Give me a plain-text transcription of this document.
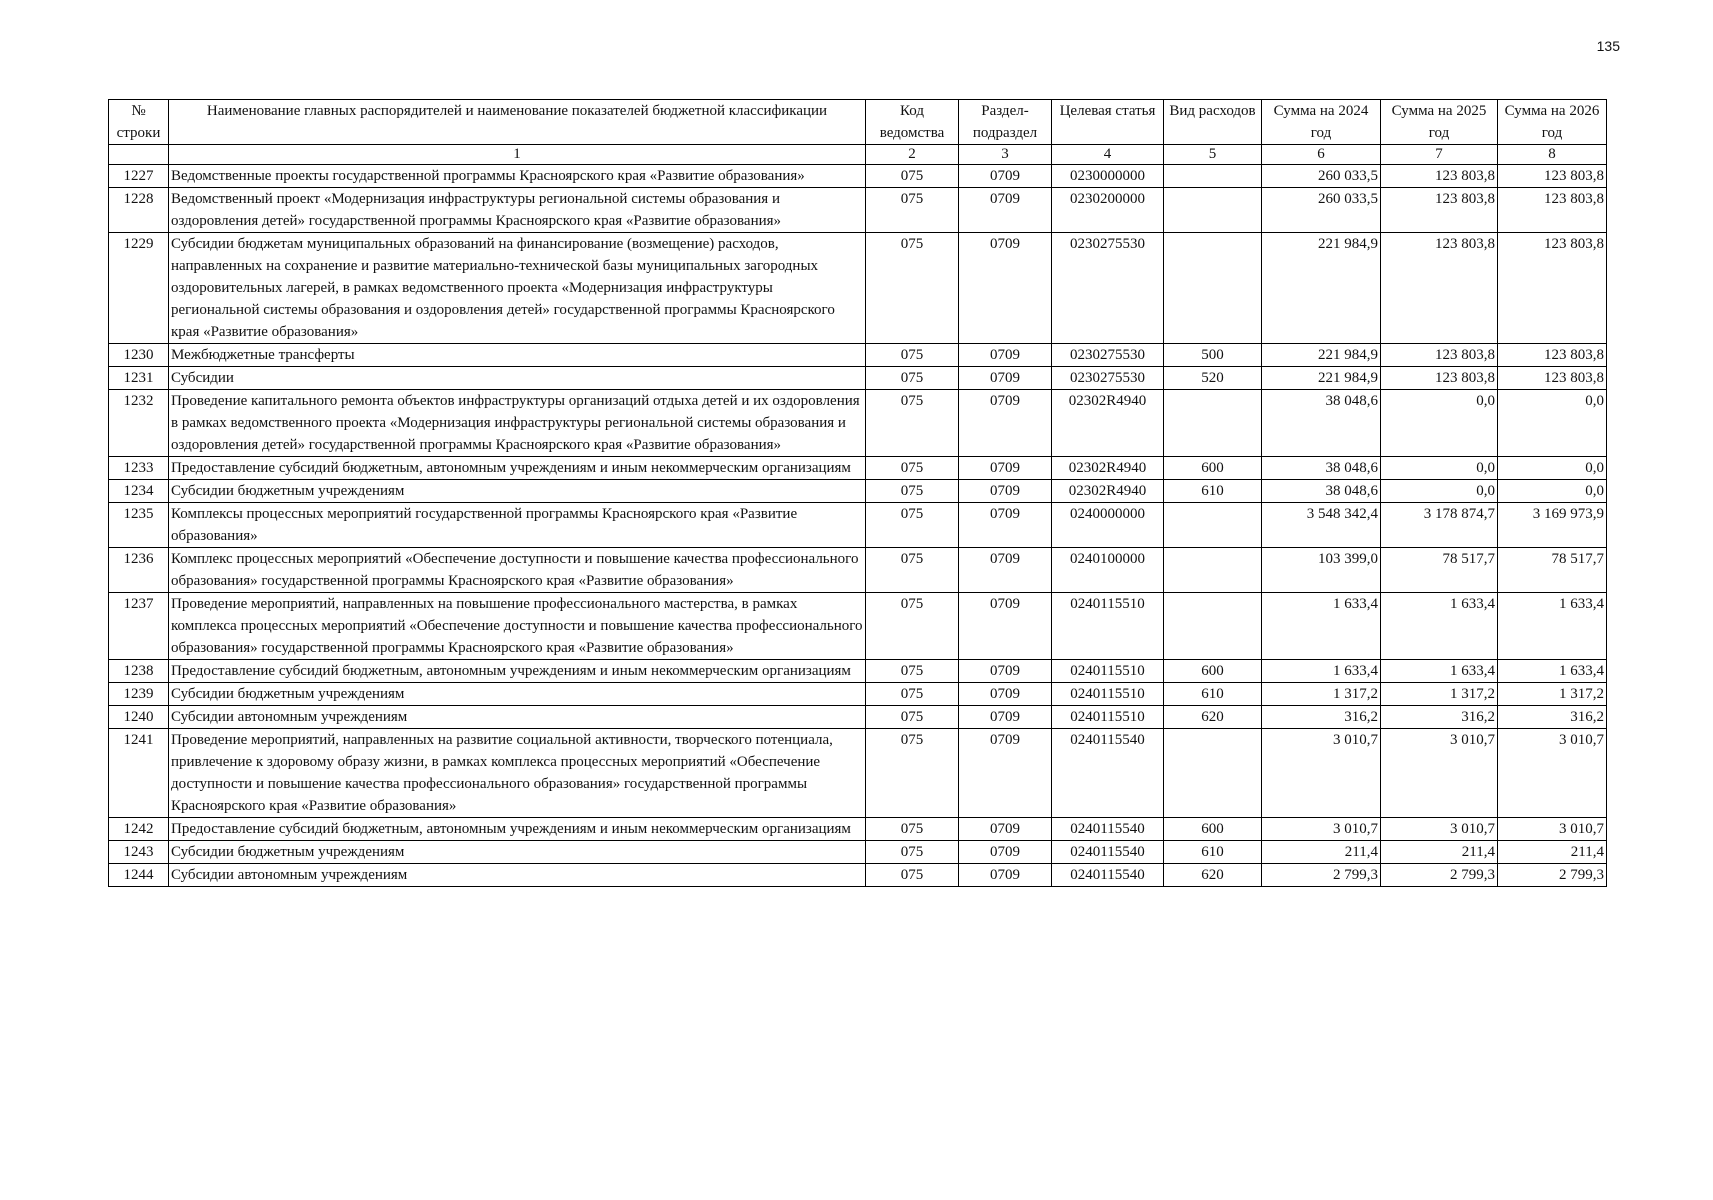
135
№ строки	Наименование главных распорядителей и наименование показателей бюджетной классификации	Код ведомства	Раздел-подраздел	Целевая статья	Вид расходов	Сумма на 2024 год	Сумма на 2025 год	Сумма на 2026 год
	1	2	3	4	5	6	7	8
1227	Ведомственные проекты государственной программы Красноярского края «Развитие образования»	075	0709	0230000000		260 033,5	123 803,8	123 803,8
1228	Ведомственный проект «Модернизация инфраструктуры региональной системы образования и оздоровления детей» государственной программы Красноярского края «Развитие образования»	075	0709	0230200000		260 033,5	123 803,8	123 803,8
1229	Субсидии бюджетам муниципальных образований на финансирование (возмещение) расходов, направленных на сохранение и развитие материально-технической базы муниципальных загородных оздоровительных лагерей, в рамках ведомственного проекта «Модернизация инфраструктуры региональной системы образования и оздоровления детей» государственной программы Красноярского края «Развитие образования»	075	0709	0230275530		221 984,9	123 803,8	123 803,8
1230	Межбюджетные трансферты	075	0709	0230275530	500	221 984,9	123 803,8	123 803,8
1231	Субсидии	075	0709	0230275530	520	221 984,9	123 803,8	123 803,8
1232	Проведение капитального ремонта объектов инфраструктуры организаций отдыха детей и их оздоровления в рамках ведомственного проекта «Модернизация инфраструктуры региональной системы образования и оздоровления детей» государственной программы Красноярского края «Развитие образования»	075	0709	02302R4940		38 048,6	0,0	0,0
1233	Предоставление субсидий бюджетным, автономным учреждениям и иным некоммерческим организациям	075	0709	02302R4940	600	38 048,6	0,0	0,0
1234	Субсидии бюджетным учреждениям	075	0709	02302R4940	610	38 048,6	0,0	0,0
1235	Комплексы процессных мероприятий государственной программы Красноярского края «Развитие образования»	075	0709	0240000000		3 548 342,4	3 178 874,7	3 169 973,9
1236	Комплекс процессных мероприятий «Обеспечение доступности и повышение качества профессионального образования» государственной программы Красноярского края «Развитие образования»	075	0709	0240100000		103 399,0	78 517,7	78 517,7
1237	Проведение мероприятий, направленных на повышение профессионального мастерства, в рамках комплекса процессных мероприятий «Обеспечение доступности и повышение качества профессионального образования» государственной программы Красноярского края «Развитие образования»	075	0709	0240115510		1 633,4	1 633,4	1 633,4
1238	Предоставление субсидий бюджетным, автономным учреждениям и иным некоммерческим организациям	075	0709	0240115510	600	1 633,4	1 633,4	1 633,4
1239	Субсидии бюджетным учреждениям	075	0709	0240115510	610	1 317,2	1 317,2	1 317,2
1240	Субсидии автономным учреждениям	075	0709	0240115510	620	316,2	316,2	316,2
1241	Проведение мероприятий, направленных на развитие социальной активности, творческого потенциала, привлечение к здоровому образу жизни, в рамках комплекса процессных мероприятий «Обеспечение доступности и повышение качества профессионального образования» государственной программы Красноярского края «Развитие образования»	075	0709	0240115540		3 010,7	3 010,7	3 010,7
1242	Предоставление субсидий бюджетным, автономным учреждениям и иным некоммерческим организациям	075	0709	0240115540	600	3 010,7	3 010,7	3 010,7
1243	Субсидии бюджетным учреждениям	075	0709	0240115540	610	211,4	211,4	211,4
1244	Субсидии автономным учреждениям	075	0709	0240115540	620	2 799,3	2 799,3	2 799,3
